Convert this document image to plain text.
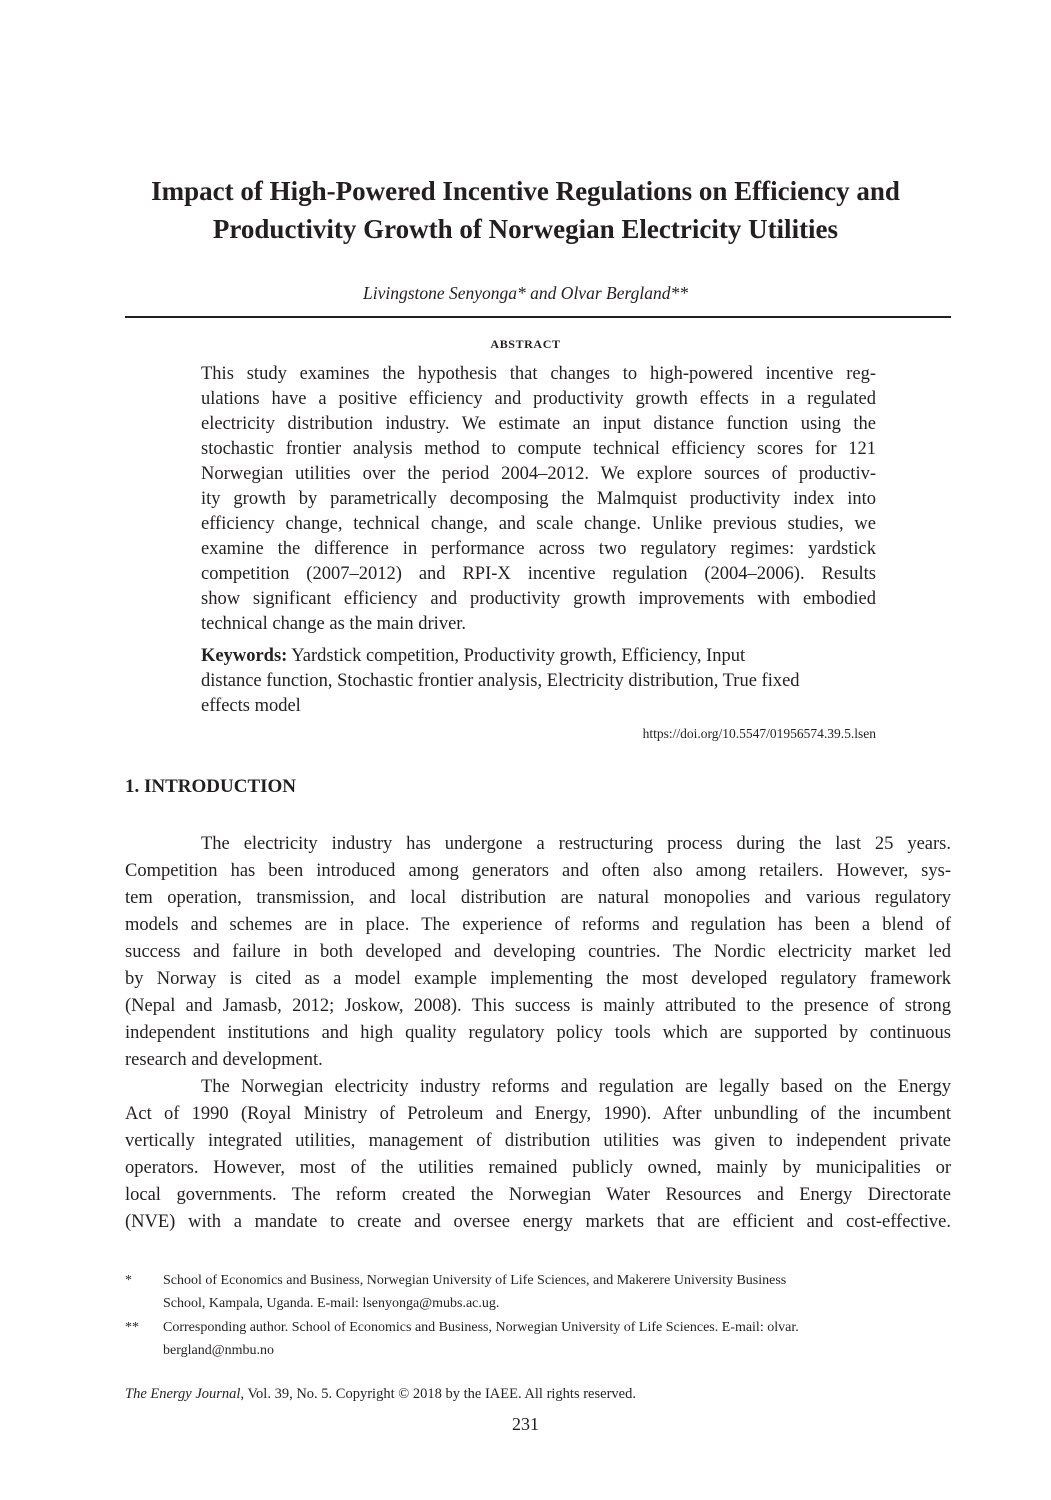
Impact of High-Powered Incentive Regulations on Efficiency and
Productivity Growth of Norwegian Electricity Utilities
Livingstone Senyonga* and Olvar Bergland**
ABSTRACT
This study examines the hypothesis that changes to high-powered incentive reg-
ulations have a positive efficiency and productivity growth effects in a regulated
electricity distribution industry. We estimate an input distance function using the
stochastic frontier analysis method to compute technical efficiency scores for 121
Norwegian utilities over the period 2004–2012. We explore sources of productiv-
ity growth by parametrically decomposing the Malmquist productivity index into
efficiency change, technical change, and scale change. Unlike previous studies, we
examine the difference in performance across two regulatory regimes: yardstick
competition (2007–2012) and RPI-X incentive regulation (2004–2006). Results
show significant efficiency and productivity growth improvements with embodied
technical change as the main driver.
Keywords: Yardstick competition, Productivity growth, Efficiency, Input
distance function, Stochastic frontier analysis, Electricity distribution, True fixed
effects model
https://doi.org/10.5547/01956574.39.5.lsen
1. INTRODUCTION
The electricity industry has undergone a restructuring process during the last 25 years.
Competition has been introduced among generators and often also among retailers. However, sys-
tem operation, transmission, and local distribution are natural monopolies and various regulatory
models and schemes are in place. The experience of reforms and regulation has been a blend of
success and failure in both developed and developing countries. The Nordic electricity market led
by Norway is cited as a model example implementing the most developed regulatory framework
(Nepal and Jamasb, 2012; Joskow, 2008). This success is mainly attributed to the presence of strong
independent institutions and high quality regulatory policy tools which are supported by continuous
research and development.
The Norwegian electricity industry reforms and regulation are legally based on the Energy
Act of 1990 (Royal Ministry of Petroleum and Energy, 1990). After unbundling of the incumbent
vertically integrated utilities, management of distribution utilities was given to independent private
operators. However, most of the utilities remained publicly owned, mainly by municipalities or
local governments. The reform created the Norwegian Water Resources and Energy Directorate
(NVE) with a mandate to create and oversee energy markets that are efficient and cost-effective.
* School of Economics and Business, Norwegian University of Life Sciences, and Makerere University Business
School, Kampala, Uganda. E-mail: lsenyonga@mubs.ac.ug.
** Corresponding author. School of Economics and Business, Norwegian University of Life Sciences. E-mail: olvar.
bergland@nmbu.no
The Energy Journal, Vol. 39, No. 5. Copyright © 2018 by the IAEE. All rights reserved.
231
